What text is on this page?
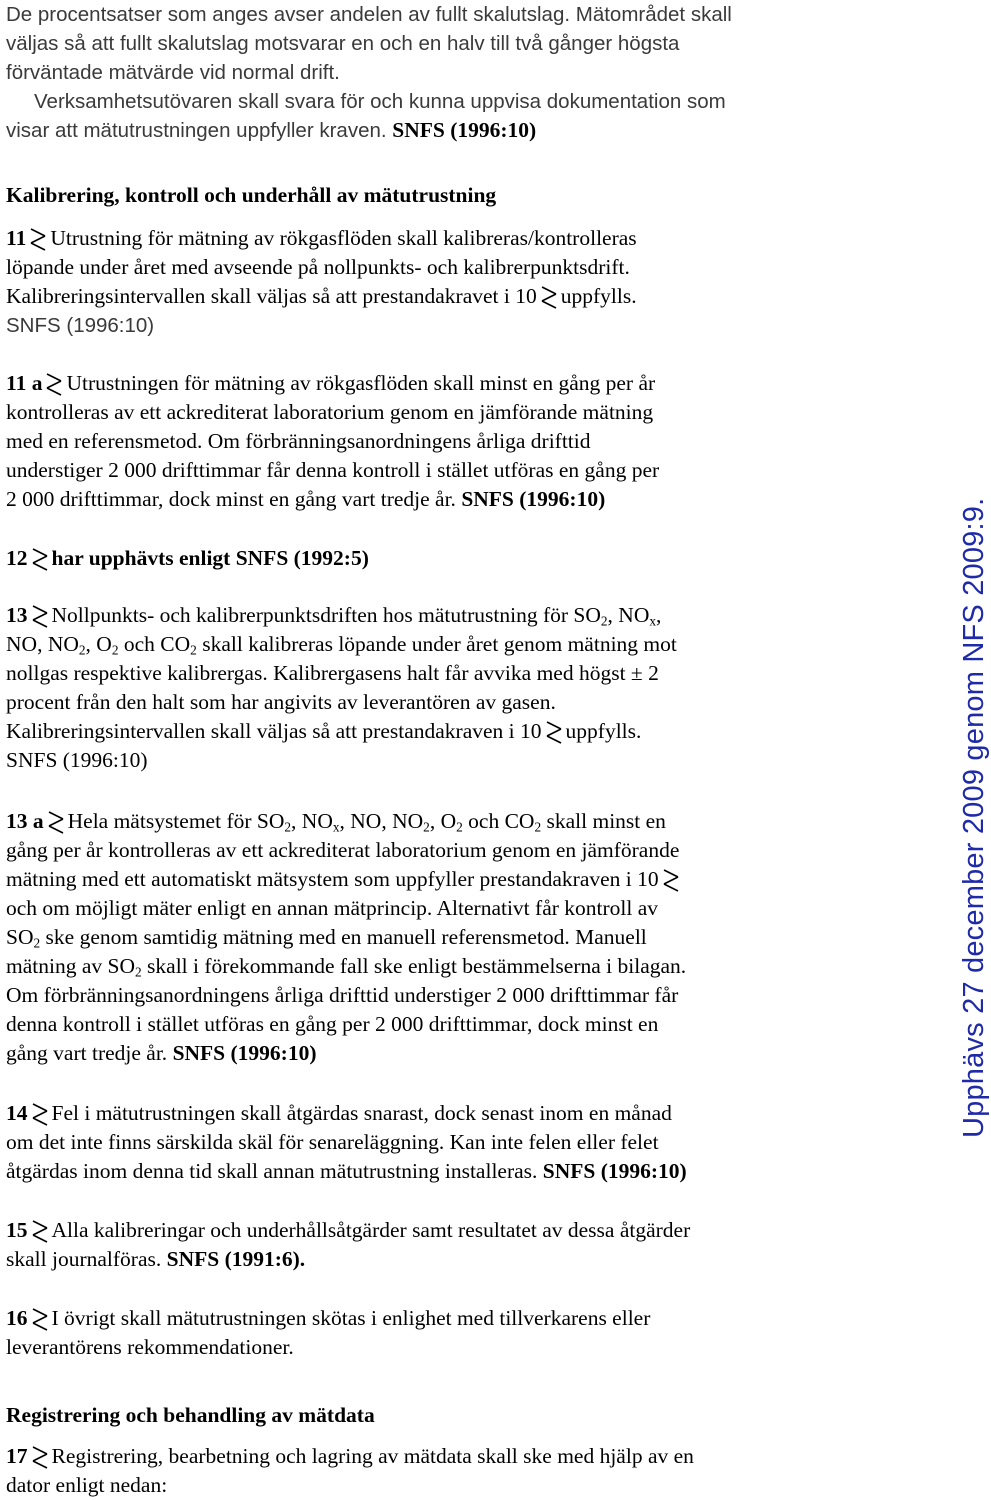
De procentsatser som anges avser andelen av fullt skalutslag. Mätområdet skall
väljas så att fullt skalutslag motsvarar en och en halv till två gånger högsta
förväntade mätvärde vid normal drift.
Verksamhetsutövaren skall svara för och kunna uppvisa dokumentation som
visar att mätutrustningen uppfyller kraven. SNFS (1996:10)
Kalibrering, kontroll och underhåll av mätutrustning
11 Utrustning för mätning av rökgasflöden skall kalibreras/kontrolleras
löpande under året med avseende på nollpunkts- och kalibrerpunktsdrift.
Kalibreringsintervallen skall väljas så att prestandakravet i 10 uppfylls.
SNFS (1996:10)
11 a Utrustningen för mätning av rökgasflöden skall minst en gång per år
kontrolleras av ett ackrediterat laboratorium genom en jämförande mätning
med en referensmetod. Om förbränningsanordningens årliga drifttid
understiger 2 000 drifttimmar får denna kontroll i stället utföras en gång per
2 000 drifttimmar, dock minst en gång vart tredje år. SNFS (1996:10)
12 har upphävts enligt SNFS (1992:5)
13 Nollpunkts- och kalibrerpunktsdriften hos mätutrustning för $SO_2$, $NO_x$,
NO, $NO_2$, $O_2$ och $CO_2$ skall kalibreras löpande under året genom mätning mot
nollgas respektive kalibrergas. Kalibrergasens halt får avvika med högst ± 2
procent från den halt som har angivits av leverantören av gasen.
Kalibreringsintervallen skall väljas så att prestandakraven i 10 uppfylls.
SNFS (1996:10)
13 a Hela mätsystemet för $SO_2$, $NO_x$, NO, $NO_2$, $O_2$ och $CO_2$ skall minst en
gång per år kontrolleras av ett ackrediterat laboratorium genom en jämförande
mätning med ett automatiskt mätsystem som uppfyller prestandakraven i 10
och om möjligt mäter enligt en annan mätprincip. Alternativt får kontroll av
$SO_2$ ske genom samtidig mätning med en manuell referensmetod. Manuell
mätning av $SO_2$ skall i förekommande fall ske enligt bestämmelserna i bilagan.
Om förbränningsanordningens årliga drifttid understiger 2 000 drifttimmar får
denna kontroll i stället utföras en gång per 2 000 drifttimmar, dock minst en
gång vart tredje år. SNFS (1996:10)
14 Fel i mätutrustningen skall åtgärdas snarast, dock senast inom en månad
om det inte finns särskilda skäl för senareläggning. Kan inte felen eller felet
åtgärdas inom denna tid skall annan mätutrustning installeras. SNFS (1996:10)
15 Alla kalibreringar och underhållsåtgärder samt resultatet av dessa åtgärder
skall journalföras. SNFS (1991:6).
16 I övrigt skall mätutrustningen skötas i enlighet med tillverkarens eller
leverantörens rekommendationer.
Registrering och behandling av mätdata
17 Registrering, bearbetning och lagring av mätdata skall ske med hjälp av en
dator enligt nedan:
Upphävs 27 december 2009 genom NFS 2009:9.
